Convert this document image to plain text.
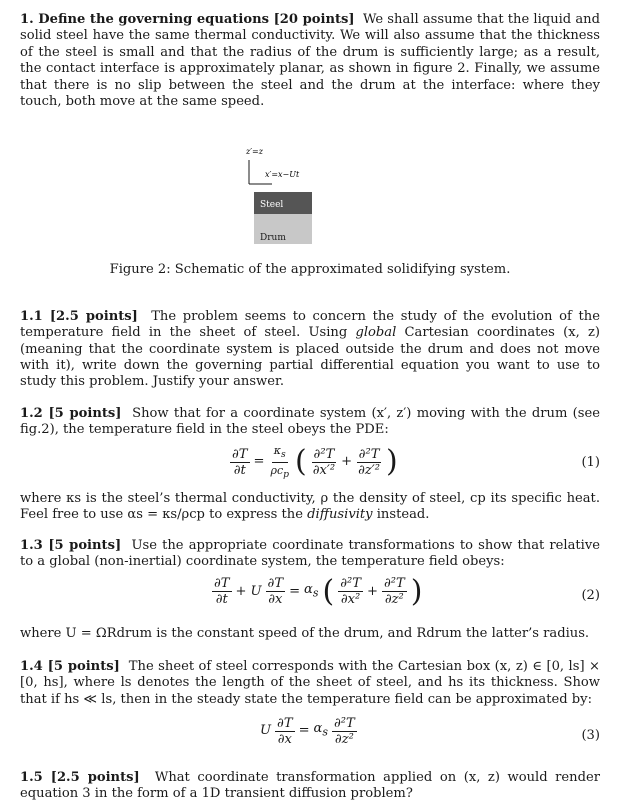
1. Define the governing equations [20 points] We shall assume that the liquid and solid steel have the same thermal conductivity. We will also assume that the thickness of the steel is small and that the radius of the drum is sufficiently large; as a result, the contact interface is approximately planar, as shown in figure 2. Finally, we assume that there is no slip between the steel and the drum at the interface: where they touch, both move at the same speed.

z′=z
x′=x−Ut
Steel
Drum

Figure 2: Schematic of the approximated solidifying system.

1.1 [2.5 points] The problem seems to concern the study of the evolution of the temperature field in the sheet of steel. Using global Cartesian coordinates (x, z) (meaning that the coordinate system is placed outside the drum and does not move with it), write down the governing partial differential equation you want to use to study this problem. Justify your answer.

1.2 [5 points] Show that for a coordinate system (x′, z′) moving with the drum (see fig.2), the temperature field in the steel obeys the PDE:

$\frac{\partial T}{\partial t} = \frac{\kappa_s}{\rho c_p}$ ( $\frac{\text{∂²T}}{\text{∂x′²}} + \frac{\text{∂²T}}{\text{∂z′²}}$ )	(1)

where κs is the steel’s thermal conductivity, ρ the density of steel, cp its specific heat. Feel free to use αs = κs/ρcp to express the diffusivity instead.

1.3 [5 points] Use the appropriate coordinate transformations to show that relative to a global (non-inertial) coordinate system, the temperature field obeys:

$\frac{\partial T}{\partial t} + U \frac{\partial T}{\partial x} = \alpha_s$ ( $\frac{\text{∂²T}}{\text{∂x²}} + \frac{\text{∂²T}}{\text{∂z²}}$ )	(2)

where U = ΩRdrum is the constant speed of the drum, and Rdrum the latter’s radius.

1.4 [5 points] The sheet of steel corresponds with the Cartesian box (x, z) ∈ [0, ls] × [0, hs], where ls denotes the length of the sheet of steel, and hs its thickness. Show that if hs ≪ ls, then in the steady state the temperature field can be approximated by:

U $\frac{\partial T}{\partial x} = \alpha_s \frac{\text{∂²T}}{\text{∂z²}}$	(3)

1.5 [2.5 points] What coordinate transformation applied on (x, z) would render equation 3 in the form of a 1D transient diffusion problem?
